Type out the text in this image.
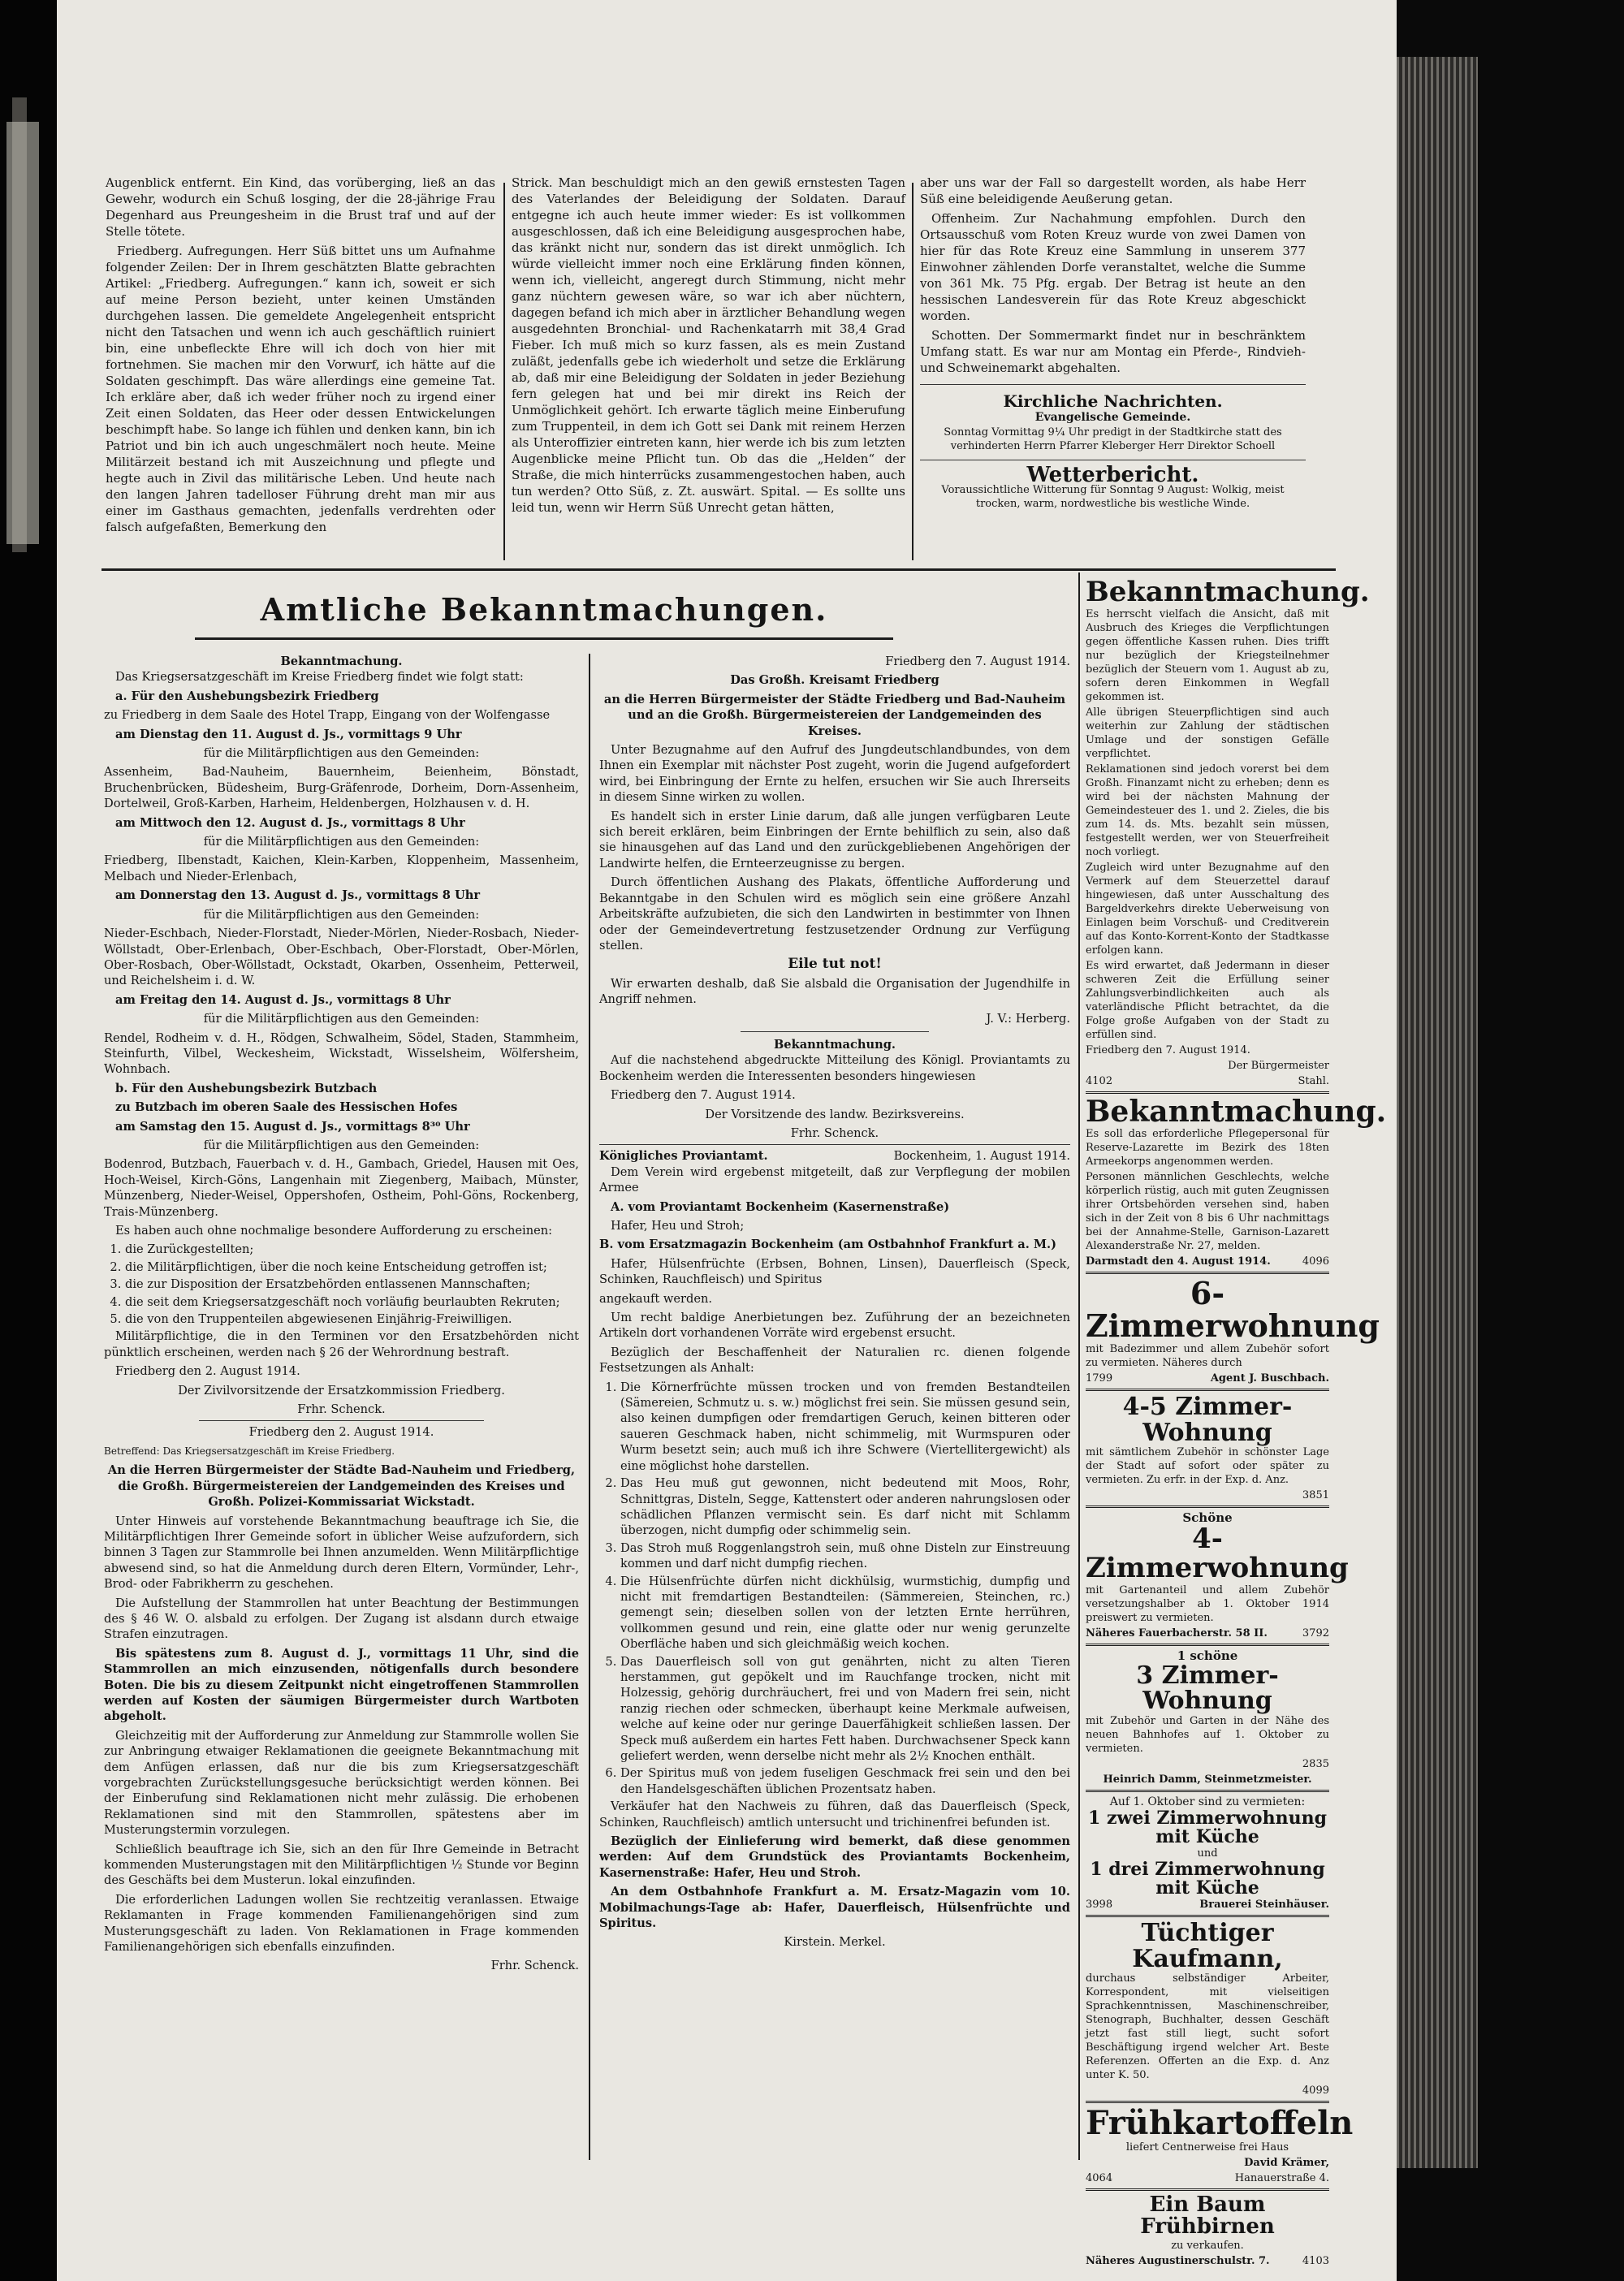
Augenblick entfernt. Ein Kind, das vorüberging, ließ an das Gewehr, wodurch ein Schuß losging, der die 28-jährige Frau Degenhard aus Preungesheim in die Brust traf und auf der Stelle tötete.

Friedberg. Aufregungen. Herr Süß bittet uns um Aufnahme folgender Zeilen: Der in Ihrem geschätzten Blatte gebrachten Artikel: „Friedberg. Aufregungen.“ kann ich, soweit er sich auf meine Person bezieht, unter keinen Umständen durchgehen lassen. Die gemeldete Angelegenheit entspricht nicht den Tatsachen und wenn ich auch geschäftlich ruiniert bin, eine unbefleckte Ehre will ich doch von hier mit fortnehmen. Sie machen mir den Vorwurf, ich hätte auf die Soldaten geschimpft. Das wäre allerdings eine gemeine Tat. Ich erkläre aber, daß ich weder früher noch zu irgend einer Zeit einen Soldaten, das Heer oder dessen Entwickelungen beschimpft habe. So lange ich fühlen und denken kann, bin ich Patriot und bin ich auch ungeschmälert noch heute. Meine Militärzeit bestand ich mit Auszeichnung und pflegte und hegte auch in Zivil das militärische Leben. Und heute nach den langen Jahren tadelloser Führung dreht man mir aus einer im Gasthaus gemachten, jedenfalls verdrehten oder falsch aufgefaßten, Bemerkung den

Strick. Man beschuldigt mich an den gewiß ernstesten Tagen des Vaterlandes der Beleidigung der Soldaten. Darauf entgegne ich auch heute immer wieder: Es ist vollkommen ausgeschlossen, daß ich eine Beleidigung ausgesprochen habe, das kränkt nicht nur, sondern das ist direkt unmöglich. Ich würde vielleicht immer noch eine Erklärung finden können, wenn ich, vielleicht, angeregt durch Stimmung, nicht mehr ganz nüchtern gewesen wäre, so war ich aber nüchtern, dagegen befand ich mich aber in ärztlicher Behandlung wegen ausgedehnten Bronchial- und Rachenkatarrh mit 38,4 Grad Fieber. Ich muß mich so kurz fassen, als es mein Zustand zuläßt, jedenfalls gebe ich wiederholt und setze die Erklärung ab, daß mir eine Beleidigung der Soldaten in jeder Beziehung fern gelegen hat und bei mir direkt ins Reich der Unmöglichkeit gehört. Ich erwarte täglich meine Einberufung zum Truppenteil, in dem ich Gott sei Dank mit reinem Herzen als Unteroffizier eintreten kann, hier werde ich bis zum letzten Augenblicke meine Pflicht tun. Ob das die „Helden“ der Straße, die mich hinterrücks zusammengestochen haben, auch tun werden? Otto Süß, z. Zt. auswärt. Spital. — Es sollte uns leid tun, wenn wir Herrn Süß Unrecht getan hätten,

aber uns war der Fall so dargestellt worden, als habe Herr Süß eine beleidigende Aeußerung getan.

Offenheim. Zur Nachahmung empfohlen. Durch den Ortsausschuß vom Roten Kreuz wurde von zwei Damen von hier für das Rote Kreuz eine Sammlung in unserem 377 Einwohner zählenden Dorfe veranstaltet, welche die Summe von 361 Mk. 75 Pfg. ergab. Der Betrag ist heute an den hessischen Landesverein für das Rote Kreuz abgeschickt worden.

Schotten. Der Sommermarkt findet nur in beschränktem Umfang statt. Es war nur am Montag ein Pferde-, Rindvieh- und Schweinemarkt abgehalten.

Kirchliche Nachrichten.
Evangelische Gemeinde.
Sonntag Vormittag 9¼ Uhr predigt in der Stadtkirche statt des verhinderten Herrn Pfarrer Kleberger Herr Direktor Schoell
Wetterbericht.
Voraussichtliche Witterung für Sonntag 9 August: Wolkig, meist trocken, warm, nordwestliche bis westliche Winde.
Amtliche Bekanntmachungen.
Bekanntmachung.

Das Kriegsersatzgeschäft im Kreise Friedberg findet wie folgt statt:

a. Für den Aushebungsbezirk Friedberg

zu Friedberg in dem Saale des Hotel Trapp, Eingang von der Wolfengasse

am Dienstag den 11. August d. Js., vormittags 9 Uhr

für die Militärpflichtigen aus den Gemeinden:

Assenheim, Bad-Nauheim, Bauernheim, Beienheim, Bönstadt, Bruchenbrücken, Büdesheim, Burg-Gräfenrode, Dorheim, Dorn-Assenheim, Dortelweil, Groß-Karben, Harheim, Heldenbergen, Holzhausen v. d. H.

am Mittwoch den 12. August d. Js., vormittags 8 Uhr

für die Militärpflichtigen aus den Gemeinden:

Friedberg, Ilbenstadt, Kaichen, Klein-Karben, Kloppenheim, Massenheim, Melbach und Nieder-Erlenbach,

am Donnerstag den 13. August d. Js., vormittags 8 Uhr

für die Militärpflichtigen aus den Gemeinden:

Nieder-Eschbach, Nieder-Florstadt, Nieder-Mörlen, Nieder-Rosbach, Nieder-Wöllstadt, Ober-Erlenbach, Ober-Eschbach, Ober-Florstadt, Ober-Mörlen, Ober-Rosbach, Ober-Wöllstadt, Ockstadt, Okarben, Ossenheim, Petterweil, und Reichelsheim i. d. W.

am Freitag den 14. August d. Js., vormittags 8 Uhr

für die Militärpflichtigen aus den Gemeinden:

Rendel, Rodheim v. d. H., Rödgen, Schwalheim, Södel, Staden, Stammheim, Steinfurth, Vilbel, Weckesheim, Wickstadt, Wisselsheim, Wölfersheim, Wohnbach.

b. Für den Aushebungsbezirk Butzbach

zu Butzbach im oberen Saale des Hessischen Hofes

am Samstag den 15. August d. Js., vormittags 8³⁰ Uhr

für die Militärpflichtigen aus den Gemeinden:

Bodenrod, Butzbach, Fauerbach v. d. H., Gambach, Griedel, Hausen mit Oes, Hoch-Weisel, Kirch-Göns, Langenhain mit Ziegenberg, Maibach, Münster, Münzenberg, Nieder-Weisel, Oppershofen, Ostheim, Pohl-Göns, Rockenberg, Trais-Münzenberg.

Es haben auch ohne nochmalige besondere Aufforderung zu erscheinen:

1. die Zurückgestellten;
2. die Militärpflichtigen, über die noch keine Entscheidung getroffen ist;
3. die zur Disposition der Ersatzbehörden entlassenen Mannschaften;
4. die seit dem Kriegsersatzgeschäft noch vorläufig beurlaubten Rekruten;
5. die von den Truppenteilen abgewiesenen Einjährig-Freiwilligen.

Militärpflichtige, die in den Terminen vor den Ersatzbehörden nicht pünktlich erscheinen, werden nach § 26 der Wehrordnung bestraft.

Friedberg den 2. August 1914.

Der Zivilvorsitzende der Ersatzkommission Friedberg.

Frhr. Schenck.

Friedberg den 2. August 1914.

Betreffend: Das Kriegsersatzgeschäft im Kreise Friedberg.

An die Herren Bürgermeister der Städte Bad-Nauheim und Friedberg, die Großh. Bürgermeistereien der Landgemeinden des Kreises und Großh. Polizei-Kommissariat Wickstadt.

Unter Hinweis auf vorstehende Bekanntmachung beauftrage ich Sie, die Militärpflichtigen Ihrer Gemeinde sofort in üblicher Weise aufzufordern, sich binnen 3 Tagen zur Stammrolle bei Ihnen anzumelden. Wenn Militärpflichtige abwesend sind, so hat die Anmeldung durch deren Eltern, Vormünder, Lehr-, Brod- oder Fabrikherrn zu geschehen.

Die Aufstellung der Stammrollen hat unter Beachtung der Bestimmungen des § 46 W. O. alsbald zu erfolgen. Der Zugang ist alsdann durch etwaige Strafen einzutragen.

Bis spätestens zum 8. August d. J., vormittags 11 Uhr, sind die Stammrollen an mich einzusenden, nötigenfalls durch besondere Boten. Die bis zu diesem Zeitpunkt nicht eingetroffenen Stammrollen werden auf Kosten der säumigen Bürgermeister durch Wartboten abgeholt.

Gleichzeitig mit der Aufforderung zur Anmeldung zur Stammrolle wollen Sie zur Anbringung etwaiger Reklamationen die geeignete Bekanntmachung mit dem Anfügen erlassen, daß nur die bis zum Kriegsersatzgeschäft vorgebrachten Zurückstellungsgesuche berücksichtigt werden können. Bei der Einberufung sind Reklamationen nicht mehr zulässig. Die erhobenen Reklamationen sind mit den Stammrollen, spätestens aber im Musterungstermin vorzulegen.

Schließlich beauftrage ich Sie, sich an den für Ihre Gemeinde in Betracht kommenden Musterungstagen mit den Militärpflichtigen ½ Stunde vor Beginn des Geschäfts bei dem Musterun. lokal einzufinden.

Die erforderlichen Ladungen wollen Sie rechtzeitig veranlassen. Etwaige Reklamanten in Frage kommenden Familienangehörigen sind zum Musterungsgeschäft zu laden. Von Reklamationen in Frage kommenden Familienangehörigen sich ebenfalls einzufinden.

Frhr. Schenck.

Friedberg den 7. August 1914.

Das Großh. Kreisamt Friedberg

an die Herren Bürgermeister der Städte Friedberg und Bad-Nauheim und an die Großh. Bürgermeistereien der Landgemeinden des Kreises.

Unter Bezugnahme auf den Aufruf des Jungdeutschlandbundes, von dem Ihnen ein Exemplar mit nächster Post zugeht, worin die Jugend aufgefordert wird, bei Einbringung der Ernte zu helfen, ersuchen wir Sie auch Ihrerseits in diesem Sinne wirken zu wollen.

Es handelt sich in erster Linie darum, daß alle jungen verfügbaren Leute sich bereit erklären, beim Einbringen der Ernte behilflich zu sein, also daß sie hinausgehen auf das Land und den zurückgebliebenen Angehörigen der Landwirte helfen, die Ernteerzeugnisse zu bergen.

Durch öffentlichen Aushang des Plakats, öffentliche Aufforderung und Bekanntgabe in den Schulen wird es möglich sein eine größere Anzahl Arbeitskräfte aufzubieten, die sich den Landwirten in bestimmter von Ihnen oder der Gemeindevertretung festzusetzender Ordnung zur Verfügung stellen.

Eile tut not!

Wir erwarten deshalb, daß Sie alsbald die Organisation der Jugendhilfe in Angriff nehmen.

J. V.: Herberg.

Bekanntmachung.

Auf die nachstehend abgedruckte Mitteilung des Königl. Proviantamts zu Bockenheim werden die Interessenten besonders hingewiesen

Friedberg den 7. August 1914.

Der Vorsitzende des landw. Bezirksvereins.

Frhr. Schenck.

Königliches Proviantamt.	Bockenheim, 1. August 1914.

Dem Verein wird ergebenst mitgeteilt, daß zur Verpflegung der mobilen Armee

A. vom Proviantamt Bockenheim (Kasernenstraße)

Hafer, Heu und Stroh;

B. vom Ersatzmagazin Bockenheim (am Ostbahnhof Frankfurt a. M.)

Hafer, Hülsenfrüchte (Erbsen, Bohnen, Linsen), Dauerfleisch (Speck, Schinken, Rauchfleisch) und Spiritus

angekauft werden.

Um recht baldige Anerbietungen bez. Zuführung der an bezeichneten Artikeln dort vorhandenen Vorräte wird ergebenst ersucht.

Bezüglich der Beschaffenheit der Naturalien rc. dienen folgende Festsetzungen als Anhalt:

1. Die Körnerfrüchte müssen trocken und von fremden Bestandteilen (Sämereien, Schmutz u. s. w.) möglichst frei sein. Sie müssen gesund sein, also keinen dumpfigen oder fremdartigen Geruch, keinen bitteren oder saueren Geschmack haben, nicht schimmelig, mit Wurmspuren oder Wurm besetzt sein; auch muß ich ihre Schwere (Viertellitergewicht) als eine möglichst hohe darstellen.
2. Das Heu muß gut gewonnen, nicht bedeutend mit Moos, Rohr, Schnittgras, Disteln, Segge, Kattenstert oder anderen nahrungslosen oder schädlichen Pflanzen vermischt sein. Es darf nicht mit Schlamm überzogen, nicht dumpfig oder schimmelig sein.
3. Das Stroh muß Roggenlangstroh sein, muß ohne Disteln zur Einstreuung kommen und darf nicht dumpfig riechen.
4. Die Hülsenfrüchte dürfen nicht dickhülsig, wurmstichig, dumpfig und nicht mit fremdartigen Bestandteilen: (Sämmereien, Steinchen, rc.) gemengt sein; dieselben sollen von der letzten Ernte herrühren, vollkommen gesund und rein, eine glatte oder nur wenig gerunzelte Oberfläche haben und sich gleichmäßig weich kochen.
5. Das Dauerfleisch soll von gut genährten, nicht zu alten Tieren herstammen, gut gepökelt und im Rauchfange trocken, nicht mit Holzessig, gehörig durchräuchert, frei und von Madern frei sein, nicht ranzig riechen oder schmecken, überhaupt keine Merkmale aufweisen, welche auf keine oder nur geringe Dauerfähigkeit schließen lassen. Der Speck muß außerdem ein hartes Fett haben. Durchwachsener Speck kann geliefert werden, wenn derselbe nicht mehr als 2½ Knochen enthält.
6. Der Spiritus muß von jedem fuseligen Geschmack frei sein und den bei den Handelsgeschäften üblichen Prozentsatz haben.

Verkäufer hat den Nachweis zu führen, daß das Dauerfleisch (Speck, Schinken, Rauchfleisch) amtlich untersucht und trichinenfrei befunden ist.

Bezüglich der Einlieferung wird bemerkt, daß diese genommen werden: Auf dem Grundstück des Proviantamts Bockenheim, Kasernenstraße: Hafer, Heu und Stroh.

An dem Ostbahnhofe Frankfurt a. M. Ersatz-Magazin vom 10. Mobilmachungs-Tage ab: Hafer, Dauerfleisch, Hülsenfrüchte und Spiritus.

Kirstein. Merkel.

Bekanntmachung.

Es herrscht vielfach die Ansicht, daß mit Ausbruch des Krieges die Verpflichtungen gegen öffentliche Kassen ruhen. Dies trifft nur bezüglich der Kriegsteilnehmer bezüglich der Steuern vom 1. August ab zu, sofern deren Einkommen in Wegfall gekommen ist.

Alle übrigen Steuerpflichtigen sind auch weiterhin zur Zahlung der städtischen Umlage und der sonstigen Gefälle verpflichtet.

Reklamationen sind jedoch vorerst bei dem Großh. Finanzamt nicht zu erheben; denn es wird bei der nächsten Mahnung der Gemeindesteuer des 1. und 2. Zieles, die bis zum 14. ds. Mts. bezahlt sein müssen, festgestellt werden, wer von Steuerfreiheit noch vorliegt.

Zugleich wird unter Bezugnahme auf den Vermerk auf dem Steuerzettel darauf hingewiesen, daß unter Ausschaltung des Bargeldverkehrs direkte Ueberweisung von Einlagen beim Vorschuß- und Creditverein auf das Konto-Korrent-Konto der Stadtkasse erfolgen kann.

Es wird erwartet, daß Jedermann in dieser schweren Zeit die Erfüllung seiner Zahlungsverbindlichkeiten auch als vaterländische Pflicht betrachtet, da die Folge große Aufgaben von der Stadt zu erfüllen sind.

Friedberg den 7. August 1914.

Der Bürgermeister

4102	Stahl.
Bekanntmachung.

Es soll das erforderliche Pflegepersonal für Reserve-Lazarette im Bezirk des 18ten Armeekorps angenommen werden.

Personen männlichen Geschlechts, welche körperlich rüstig, auch mit guten Zeugnissen ihrer Ortsbehörden versehen sind, haben sich in der Zeit von 8 bis 6 Uhr nachmittags bei der Annahme-Stelle, Garnison-Lazarett Alexanderstraße Nr. 27, melden.

Darmstadt den 4. August 1914.	4096
6-Zimmerwohnung

mit Badezimmer und allem Zubehör sofort zu vermieten. Näheres durch

1799	Agent J. Buschbach.
4-5 Zimmer-Wohnung

mit sämtlichem Zubehör in schönster Lage der Stadt auf sofort oder später zu vermieten. Zu erfr. in der Exp. d. Anz.

3851

Schöne
4-Zimmerwohnung

mit Gartenanteil und allem Zubehör versetzungshalber ab 1. Oktober 1914 preiswert zu vermieten.

Näheres Fauerbacherstr. 58 II.	3792
1 schöne
3 Zimmer-Wohnung

mit Zubehör und Garten in der Nähe des neuen Bahnhofes auf 1. Oktober zu vermieten.

2835

Heinrich Damm, Steinmetzmeister.

Auf 1. Oktober sind zu vermieten:
1 zwei Zimmerwohnung mit Küche
und
1 drei Zimmerwohnung mit Küche
3998	Brauerei Steinhäuser.
Tüchtiger Kaufmann,

durchaus selbständiger Arbeiter, Korrespondent, mit vielseitigen Sprachkenntnissen, Maschinenschreiber, Stenograph, Buchhalter, dessen Geschäft jetzt fast still liegt, sucht sofort Beschäftigung irgend welcher Art. Beste Referenzen. Offerten an die Exp. d. Anz unter K. 50.

4099

Frühkartoffeln

liefert Centnerweise frei Haus

David Krämer,

4064	Hanauerstraße 4.
Ein Baum Frühbirnen

zu verkaufen.

Näheres Augustinerschulstr. 7.	4103
